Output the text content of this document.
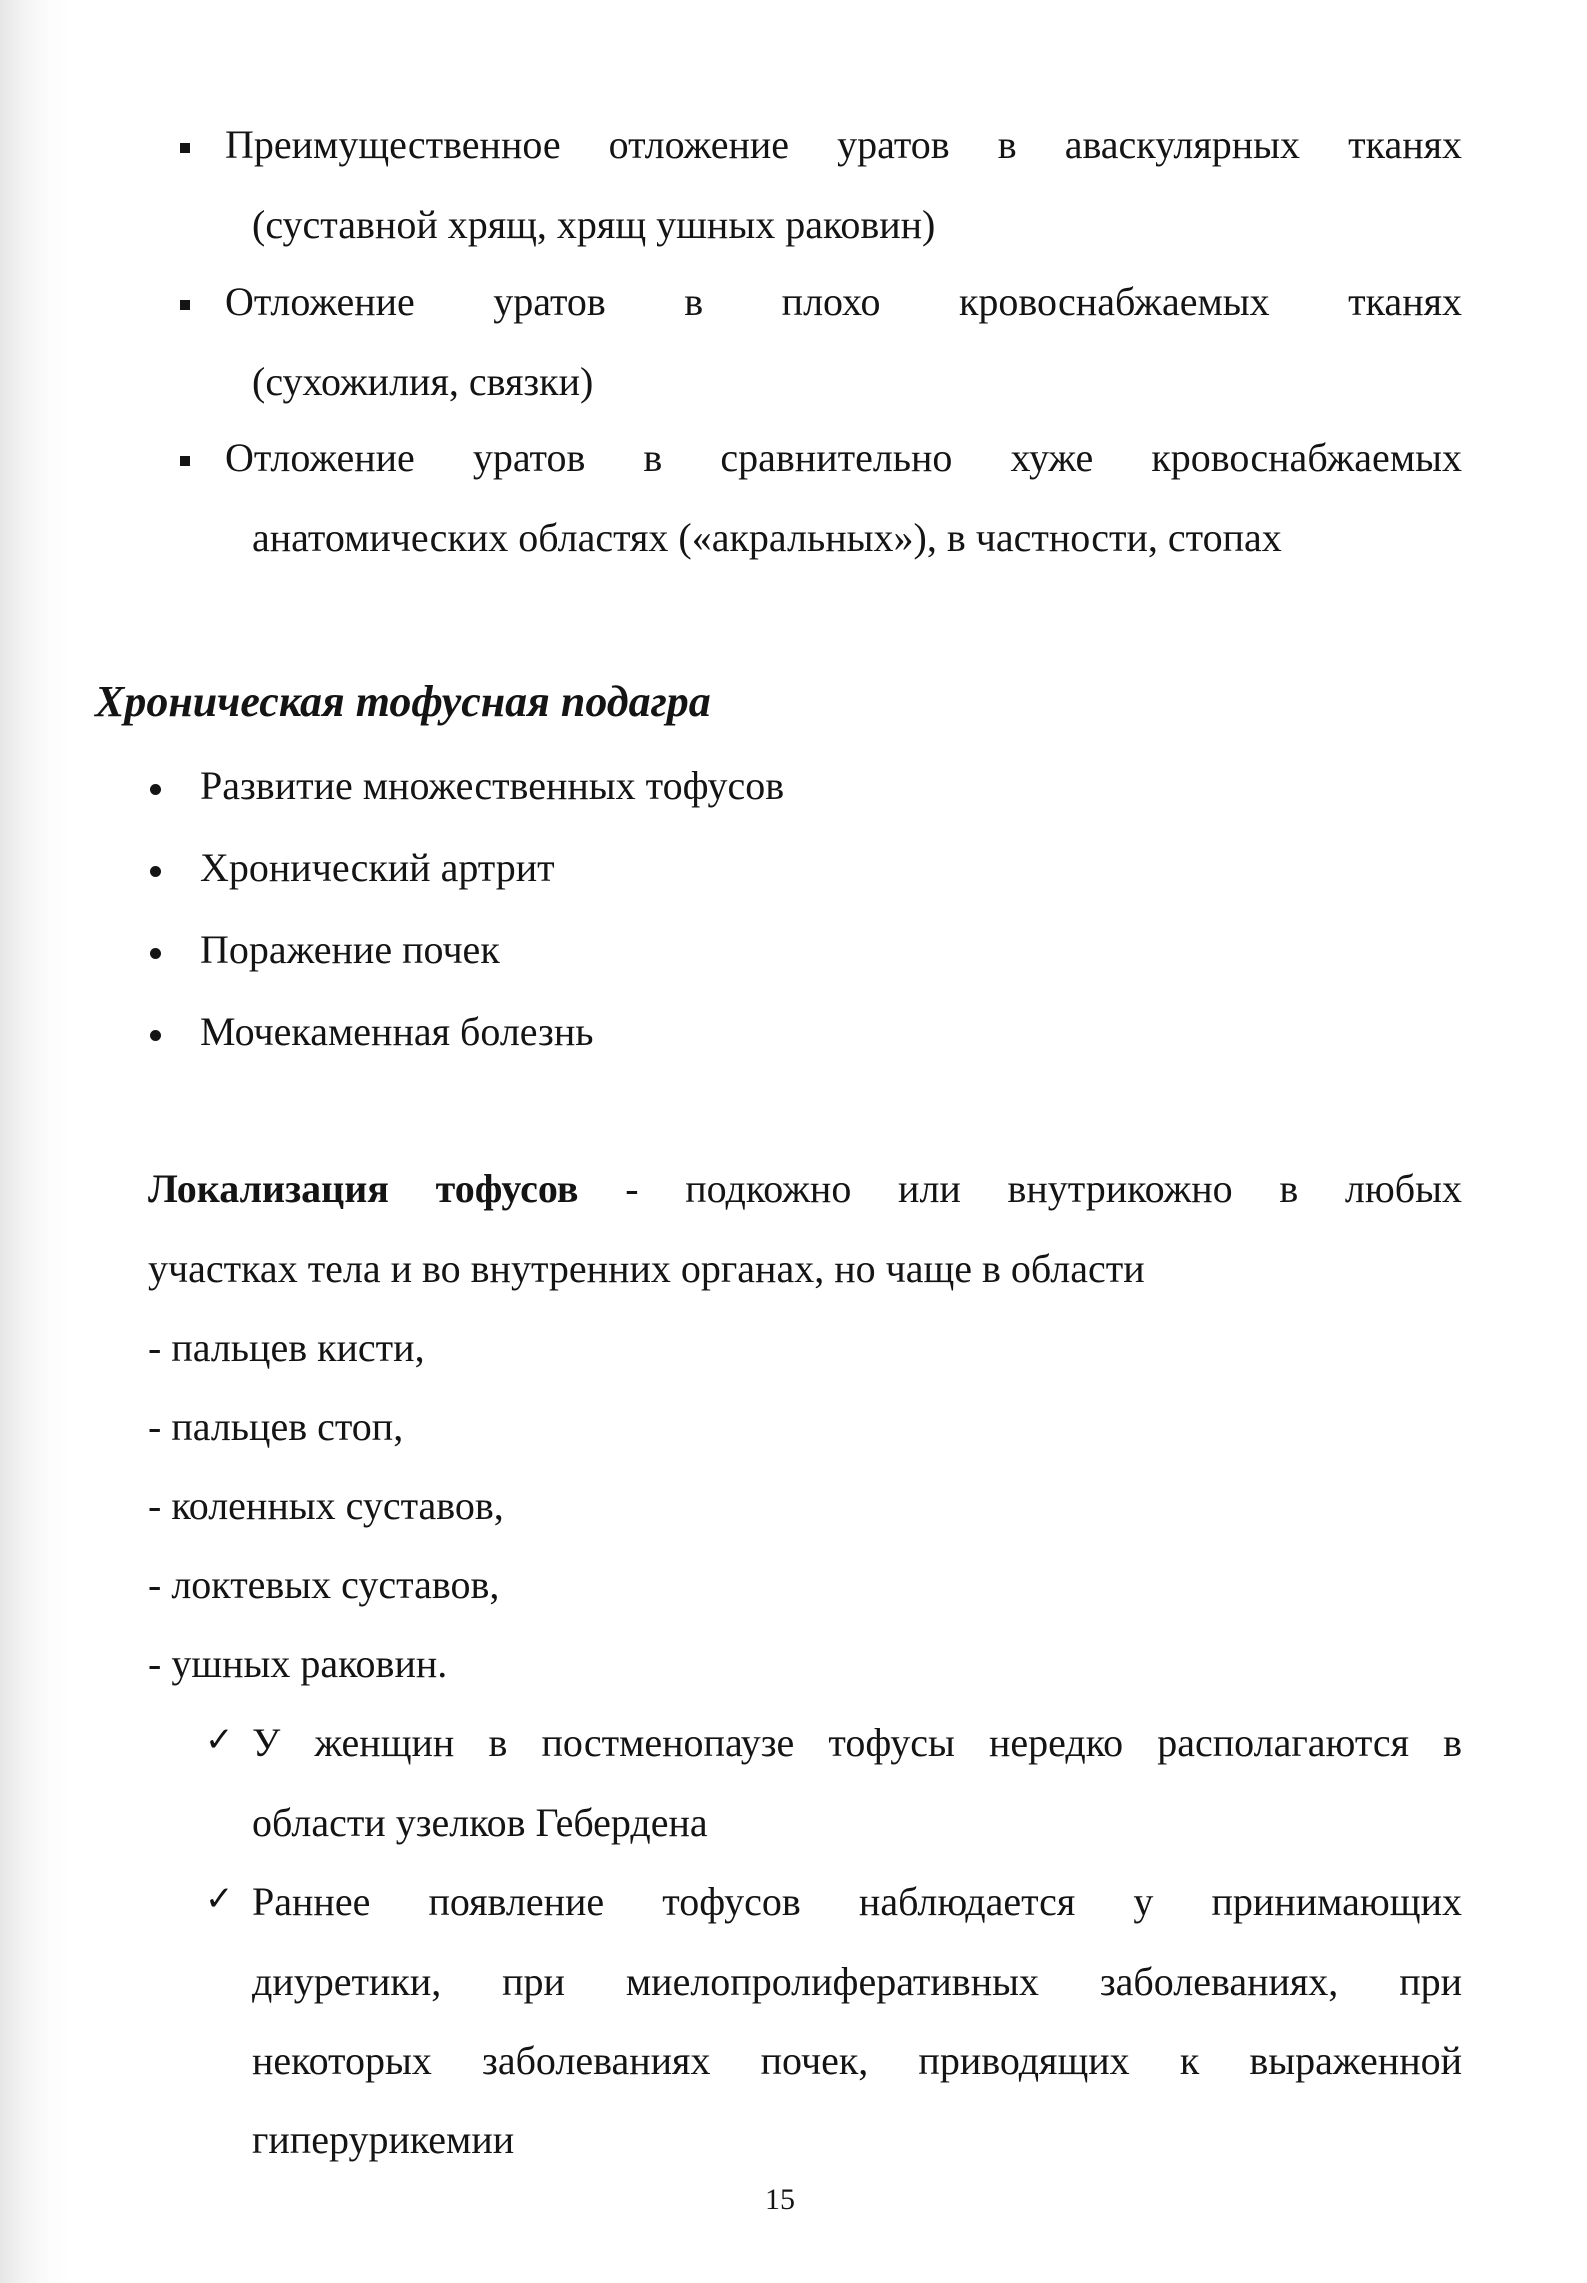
Преимущественное отложение уратов в аваскулярных тканях
(суставной хрящ, хрящ ушных раковин)
Отложение уратов в плохо кровоснабжаемых тканях
(сухожилия, связки)
Отложение уратов в сравнительно хуже кровоснабжаемых
анатомических областях («акральных»), в частности, стопах
Хроническая тофусная подагра
Развитие множественных тофусов
Хронический артрит
Поражение почек
Мочекаменная болезнь
Локализация тофусов - подкожно или внутрикожно в любых
участках тела и во внутренних органах, но чаще в области
- пальцев кисти,
- пальцев стоп,
- коленных суставов,
- локтевых суставов,
- ушных раковин.
✓ У женщин в постменопаузе тофусы нередко располагаются в
области узелков Гебердена
✓ Раннее появление тофусов наблюдается у принимающих
диуретики, при миелопролиферативных заболеваниях, при
некоторых заболеваниях почек, приводящих к выраженной
гиперурикемии
15
